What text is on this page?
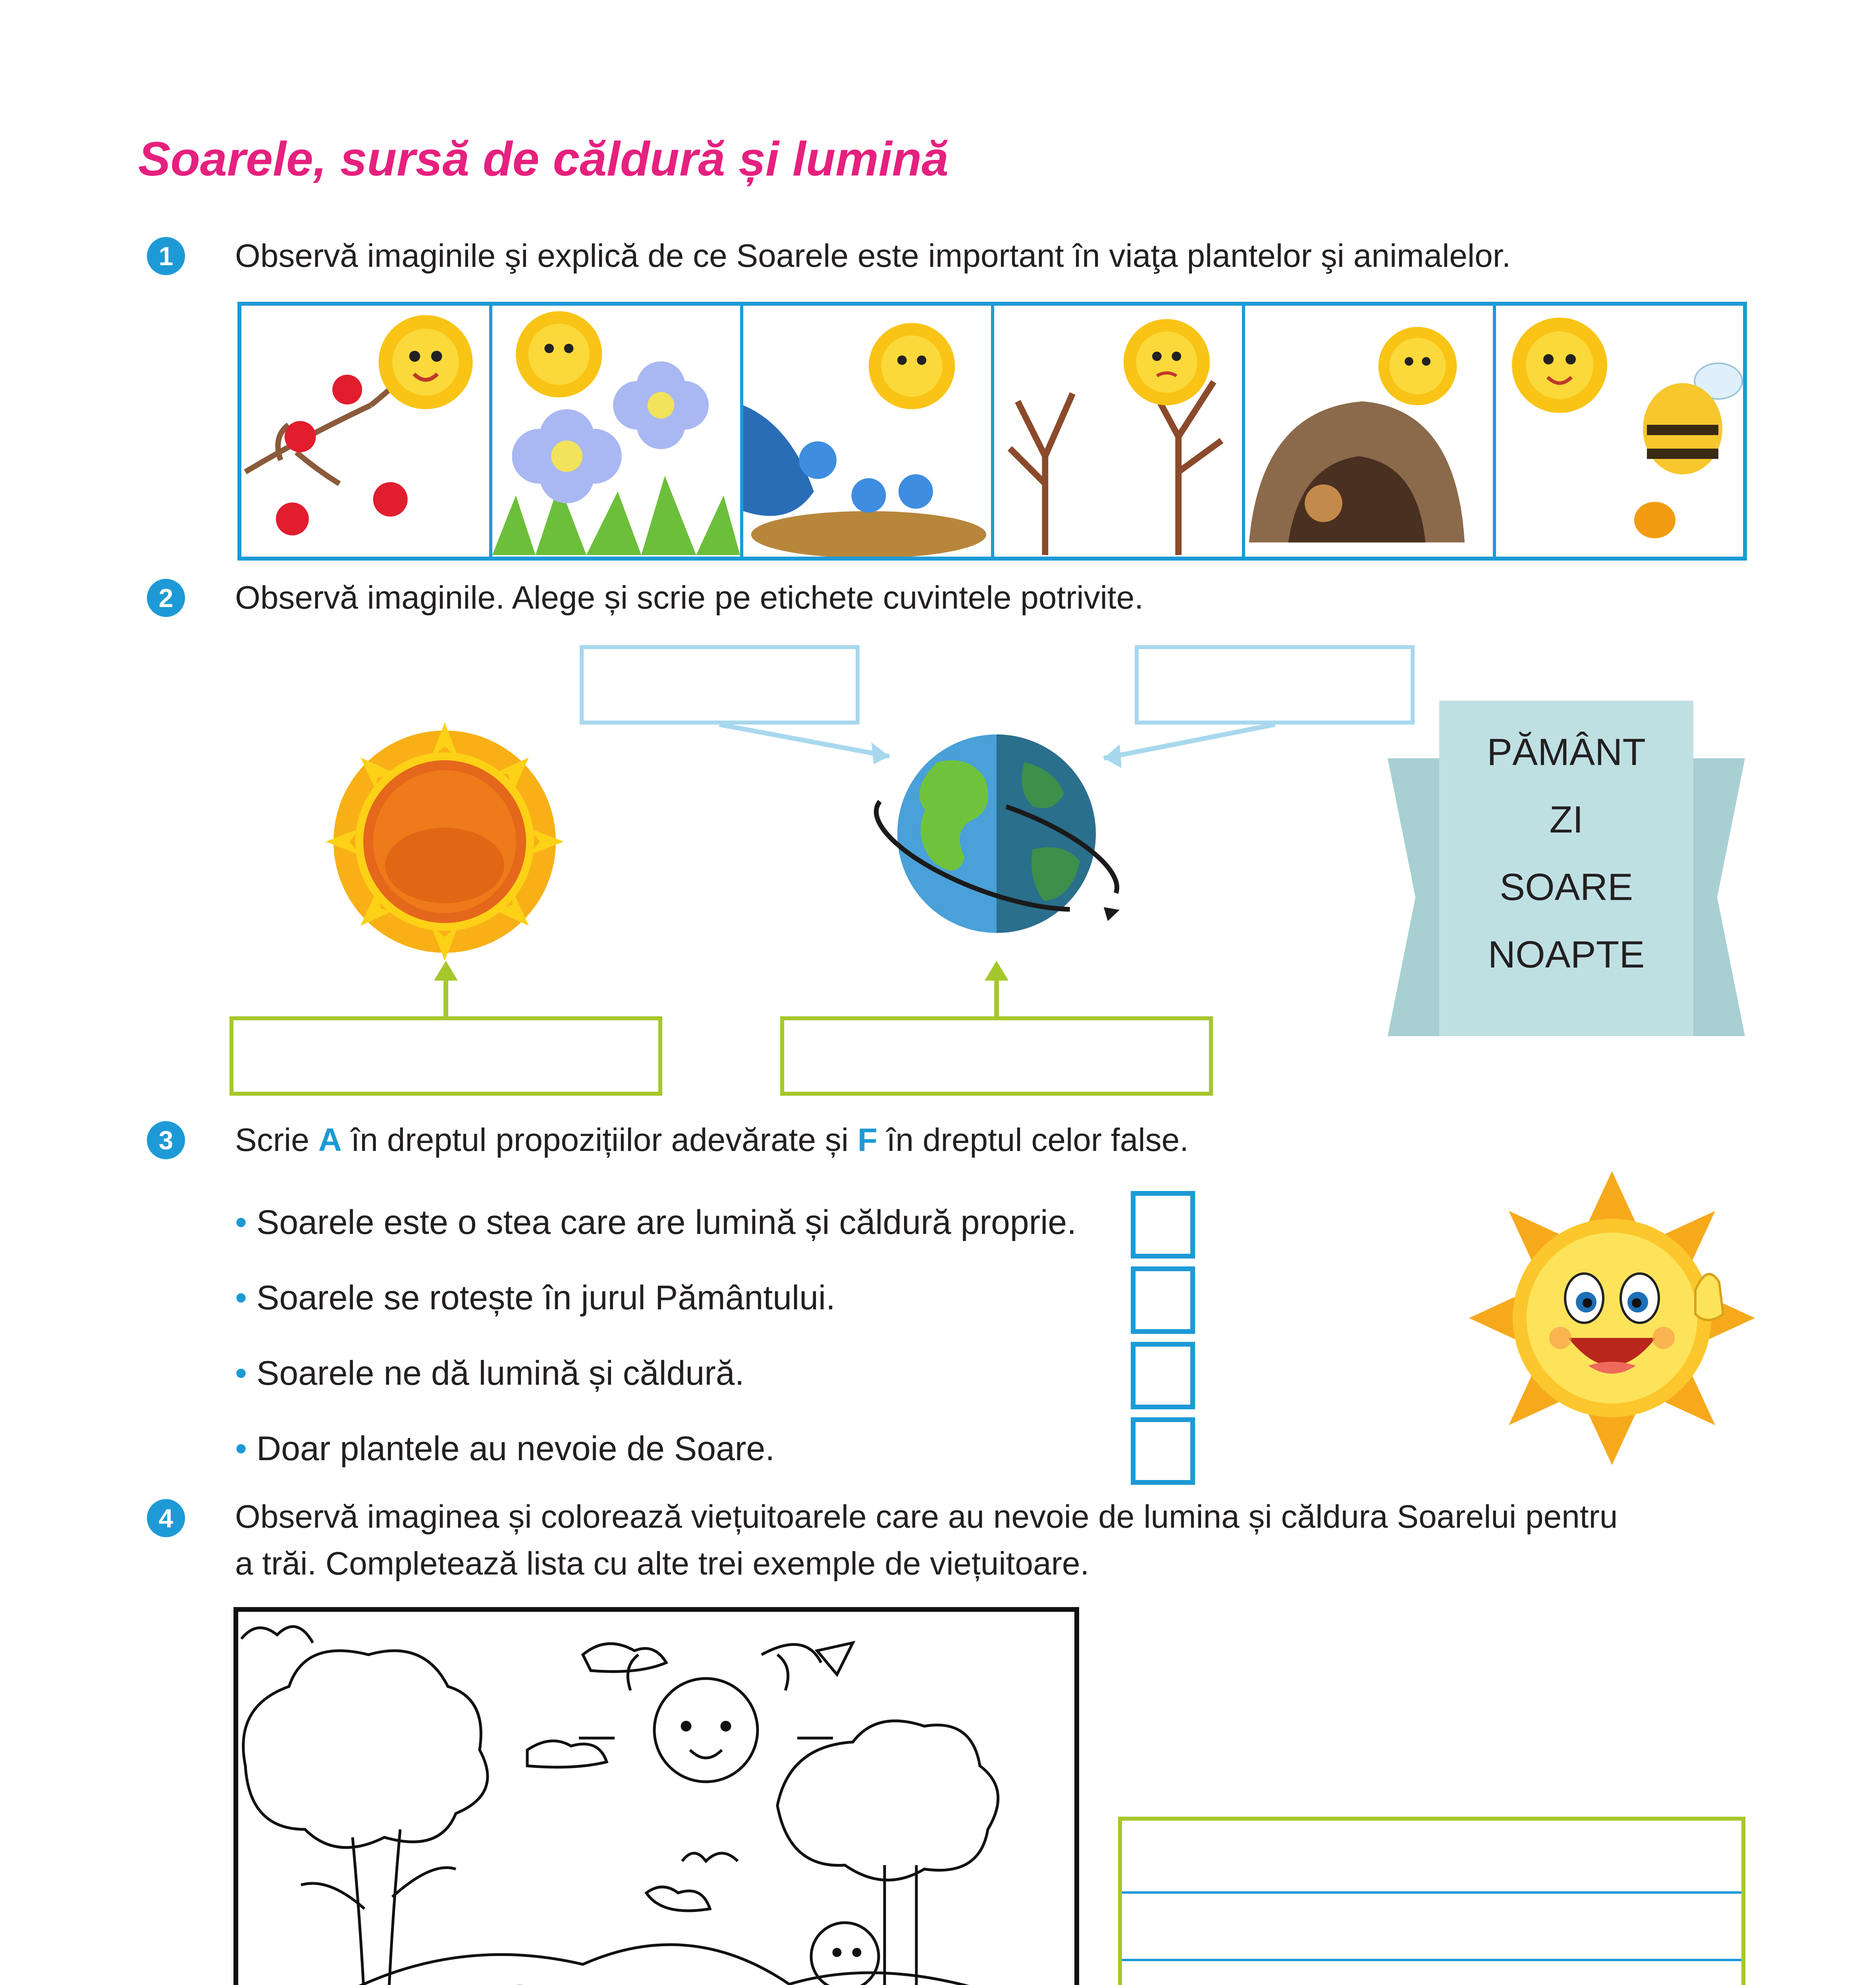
Soarele, sursă de căldură și lumină
1	Observă imaginile şi explică de ce Soarele este important în viaţa plantelor şi animalelor.
2	Observă imaginile. Alege și scrie pe etichete cuvintele potrivite.
PĂMÂNT
ZI
SOARE
NOAPTE
3	Scrie A în dreptul propozițiilor adevărate și F în dreptul celor false.
• Soarele este o stea care are lumină și căldură proprie.
• Soarele se rotește în jurul Pământului.
• Soarele ne dă lumină și căldură.
• Doar plantele au nevoie de Soare.
4	Observă imaginea și colorează viețuitoarele care au nevoie de lumina și căldura Soarelui pentru
a trăi. Completează lista cu alte trei exemple de viețuitoare.
